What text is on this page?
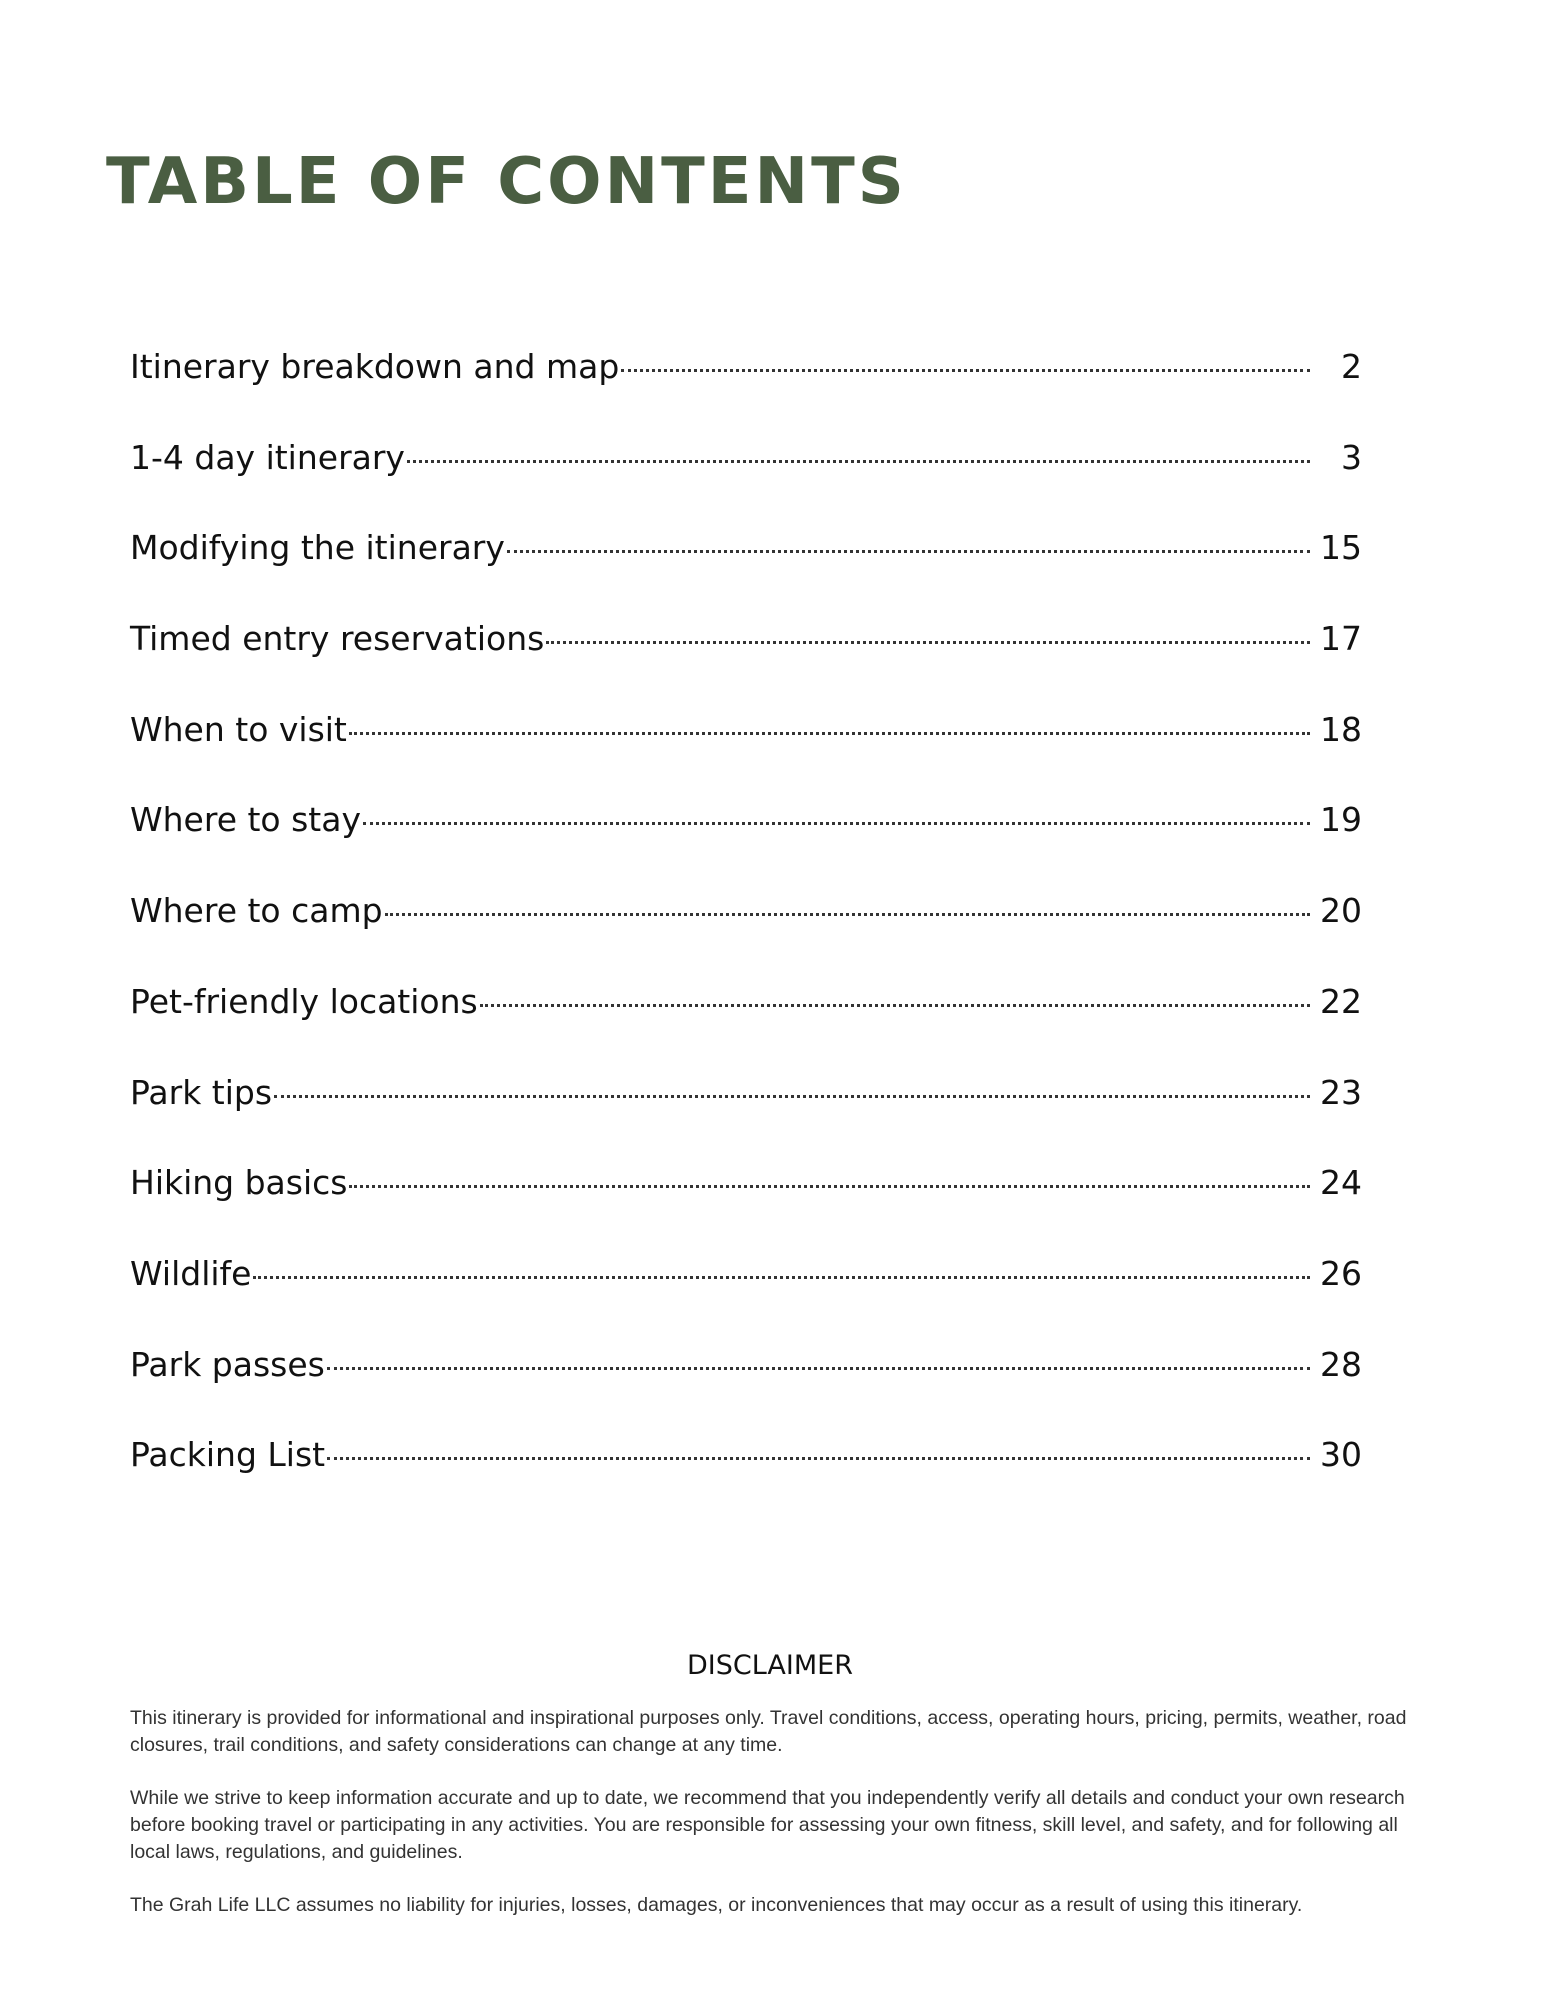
TABLE OF CONTENTS
Itinerary breakdown and map	2
1-4 day itinerary	3
Modifying the itinerary	15
Timed entry reservations	17
When to visit	18
Where to stay	19
Where to camp	20
Pet-friendly locations	22
Park tips	23
Hiking basics	24
Wildlife	26
Park passes	28
Packing List	30
DISCLAIMER

This itinerary is provided for informational and inspirational purposes only. Travel conditions, access, operating hours, pricing, permits, weather, road closures, trail conditions, and safety considerations can change at any time.

While we strive to keep information accurate and up to date, we recommend that you independently verify all details and conduct your own research before booking travel or participating in any activities. You are responsible for assessing your own fitness, skill level, and safety, and for following all local laws, regulations, and guidelines.

The Grah Life LLC assumes no liability for injuries, losses, damages, or inconveniences that may occur as a result of using this itinerary.
